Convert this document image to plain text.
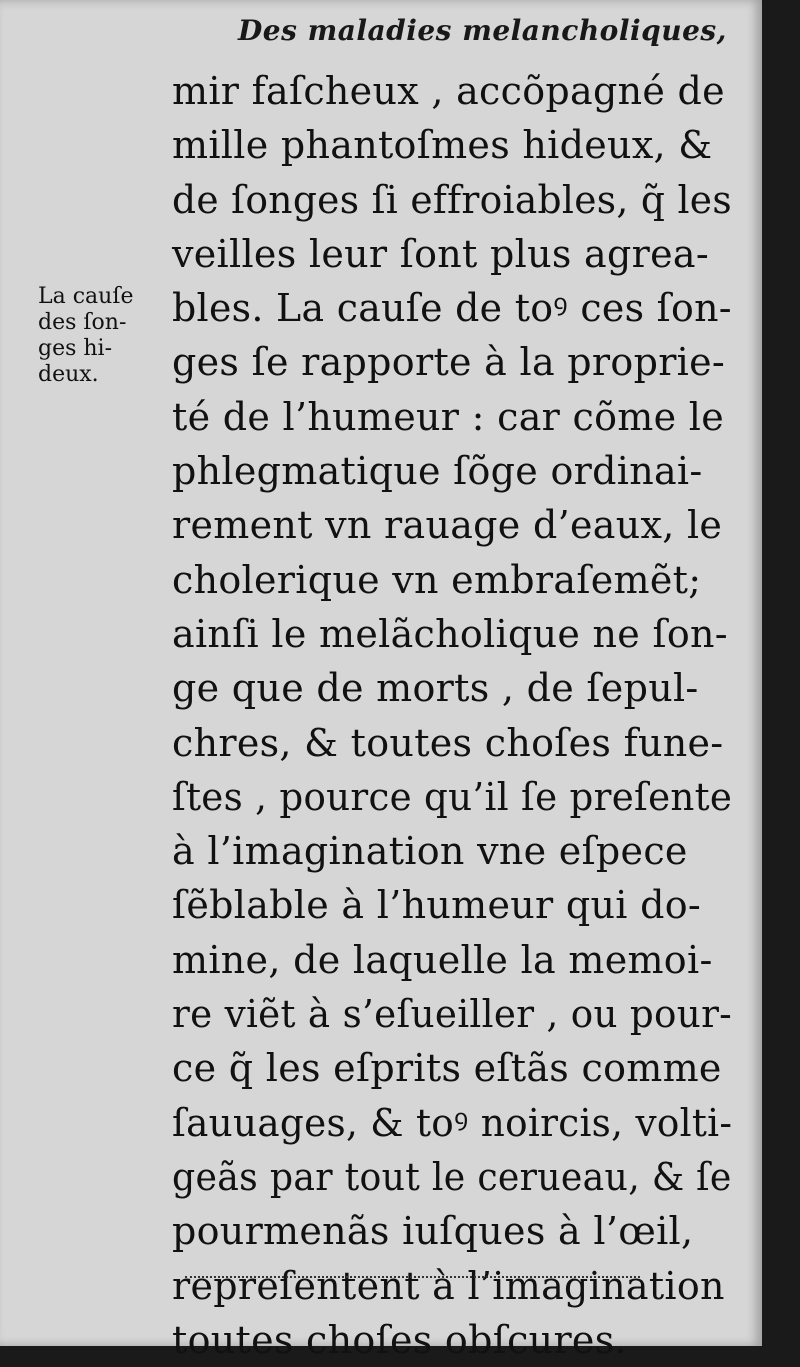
Des maladies melancholiques,
La cauſe
des ſon-
ges hi-
deux.
mir faſcheux , accõpagné de
mille phantoſmes hideux, &
de ſonges ſi effroiables, q̃ les
veilles leur ſont plus agrea-
bles. La cauſe de toꝰ ces ſon-
ges ſe rapporte à la proprie-
té de l’humeur : car cõme le
phlegmatique ſõge ordinai-
rement vn rauage d’eaux, le
cholerique vn embraſemẽt;
ainſi le melãcholique ne ſon-
ge que de morts , de ſepul-
chres, & toutes choſes fune-
ſtes , pource qu’il ſe preſente
à l’imagination vne eſpece
ſẽblable à l’humeur qui do-
mine, de laquelle la memoi-
re viẽt à s’eſueiller , ou pour-
ce q̃ les eſprits eſtãs comme
ſauuages, & toꝰ noircis, volti-
geãs par tout le cerueau, & ſe
pourmenãs iuſques à l’œil,
repreſentent à l’imagination
toutes choſes obſcures.
